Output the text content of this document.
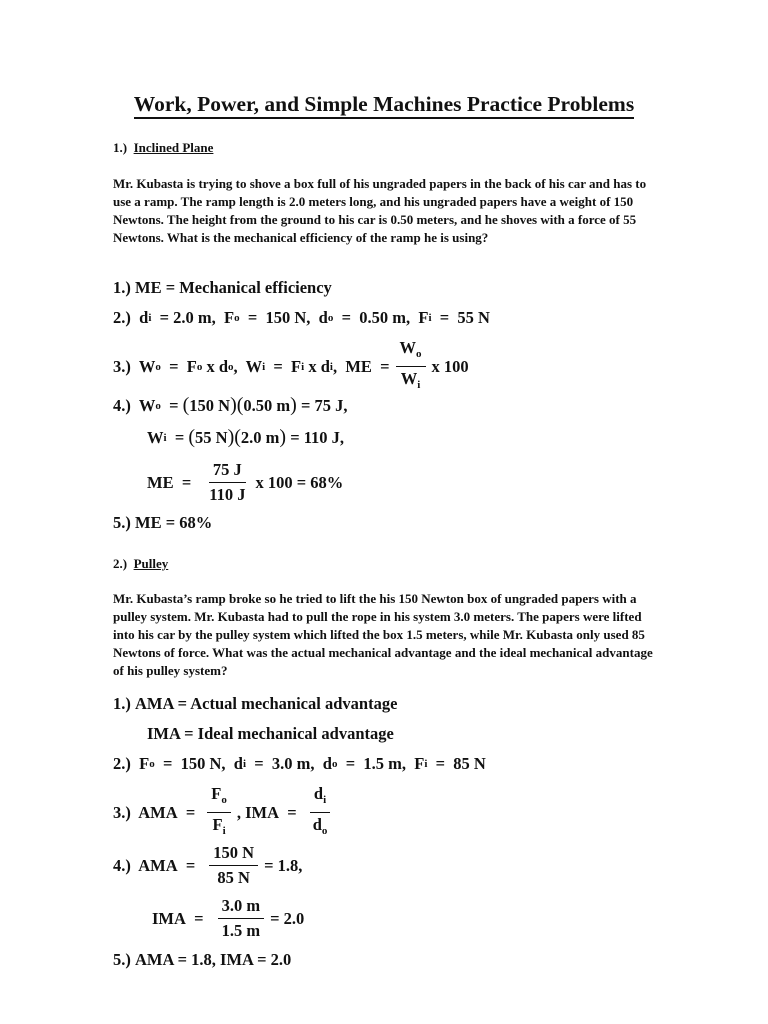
Work, Power, and Simple Machines Practice Problems
1.) Inclined Plane
Mr. Kubasta is trying to shove a box full of his ungraded papers in the back of his car and has to use a ramp. The ramp length is 2.0 meters long, and his ungraded papers have a weight of 150 Newtons. The height from the ground to his car is 0.50 meters, and he shoves with a force of 55 Newtons. What is the mechanical efficiency of the ramp he is using?
1.)
ME = Mechanical efficiency
2.) d i = 2.0 m,  F o =  150 N,  d o =  0.50 m,  F i =  55 N
3.) W o =  F o x d o ,  W i =  F i x d i ,  ME  = $\frac{W_o}{W_i}$ x 100
4.) W o = ( 150 N )( 0.50 m )
= 75 J,
W i = ( 55 N )( 2.0 m )
= 110 J,
ME  = $\frac{75 J}{110 J}$ x 100 = 68%
5.)
ME = 68%
2.) Pulley
Mr. Kubasta’s ramp broke so he tried to lift the his 150 Newton box of ungraded papers with a pulley system. Mr. Kubasta had to pull the rope in his system 3.0 meters. The papers were lifted into his car by the pulley system which lifted the box 1.5 meters, while Mr. Kubasta only used 85 Newtons of force. What was the actual mechanical advantage and the ideal mechanical advantage of his pulley system?
1.)
AMA = Actual mechanical advantage
IMA = Ideal mechanical advantage
2.) F o =  150 N,  d i =  3.0 m,  d o =  1.5 m,  F i =  85 N
3.) AMA  = $\frac{F_o}{F_i}$ , IMA  = $\frac{d_i}{d_o}$
4.) AMA  = $\frac{150 N}{85 N} = 1.8$,
IMA  = $\frac{3.0 m}{1.5 m} = 2.0$
5.)
AMA = 1.8, IMA = 2.0
